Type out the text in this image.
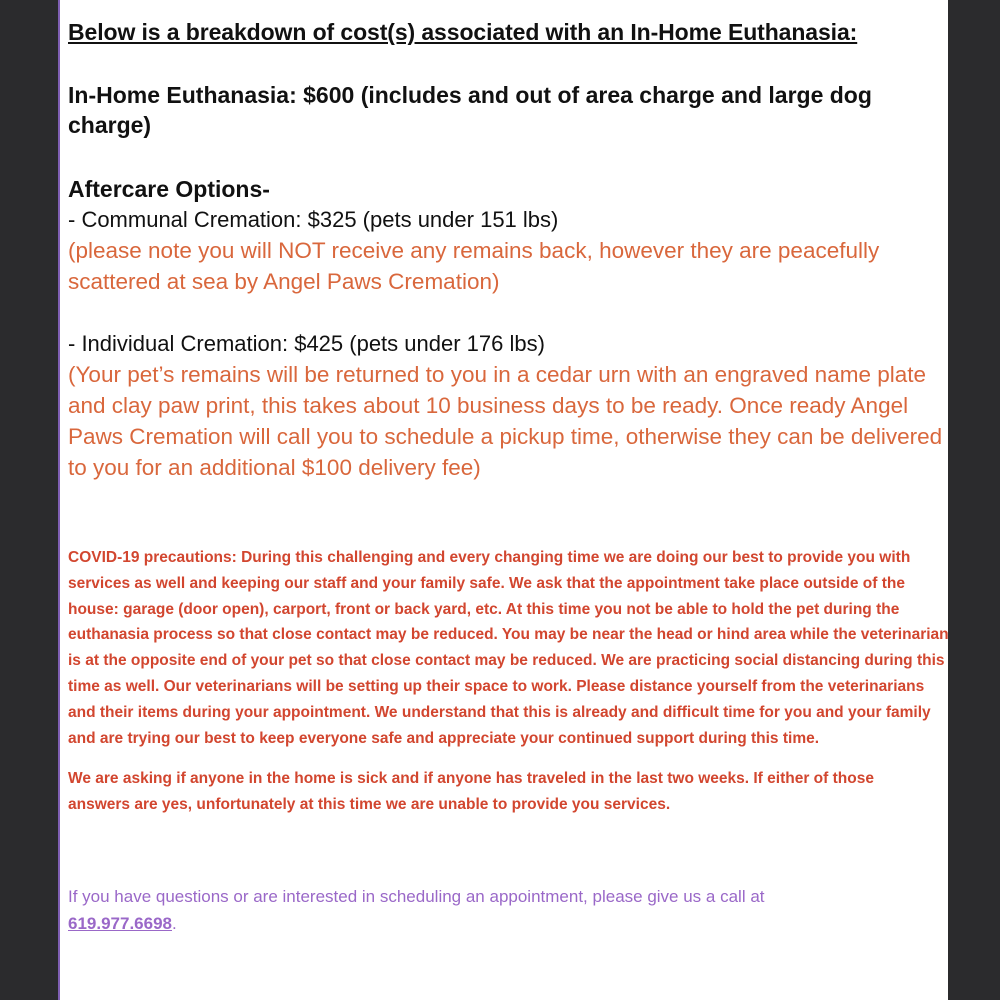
Below is a breakdown of cost(s) associated with an In-Home Euthanasia:

In-Home Euthanasia: $600 (includes and out of area charge and large dog charge)

Aftercare Options-

- Communal Cremation: $325 (pets under 151 lbs)

(please note you will NOT receive any remains back, however they are peacefully scattered at sea by Angel Paws Cremation)

- Individual Cremation: $425 (pets under 176 lbs)

(Your pet’s remains will be returned to you in a cedar urn with an engraved name plate and clay paw print, this takes about 10 business days to be ready. Once ready Angel Paws Cremation will call you to schedule a pickup time, otherwise they can be delivered to you for an additional $100 delivery fee)

COVID-19 precautions: During this challenging and every changing time we are doing our best to provide you with services as well and keeping our staff and your family safe. We ask that the appointment take place outside of the house: garage (door open), carport, front or back yard, etc. At this time you not be able to hold the pet during the euthanasia process so that close contact may be reduced. You may be near the head or hind area while the veterinarian is at the opposite end of your pet so that close contact may be reduced. We are practicing social distancing during this time as well. Our veterinarians will be setting up their space to work. Please distance yourself from the veterinarians and their items during your appointment. We understand that this is already and difficult time for you and your family and are trying our best to keep everyone safe and appreciate your continued support during this time.

We are asking if anyone in the home is sick and if anyone has traveled in the last two weeks. If either of those answers are yes, unfortunately at this time we are unable to provide you services.

If you have questions or are interested in scheduling an appointment, please give us a call at 619.977.6698.
